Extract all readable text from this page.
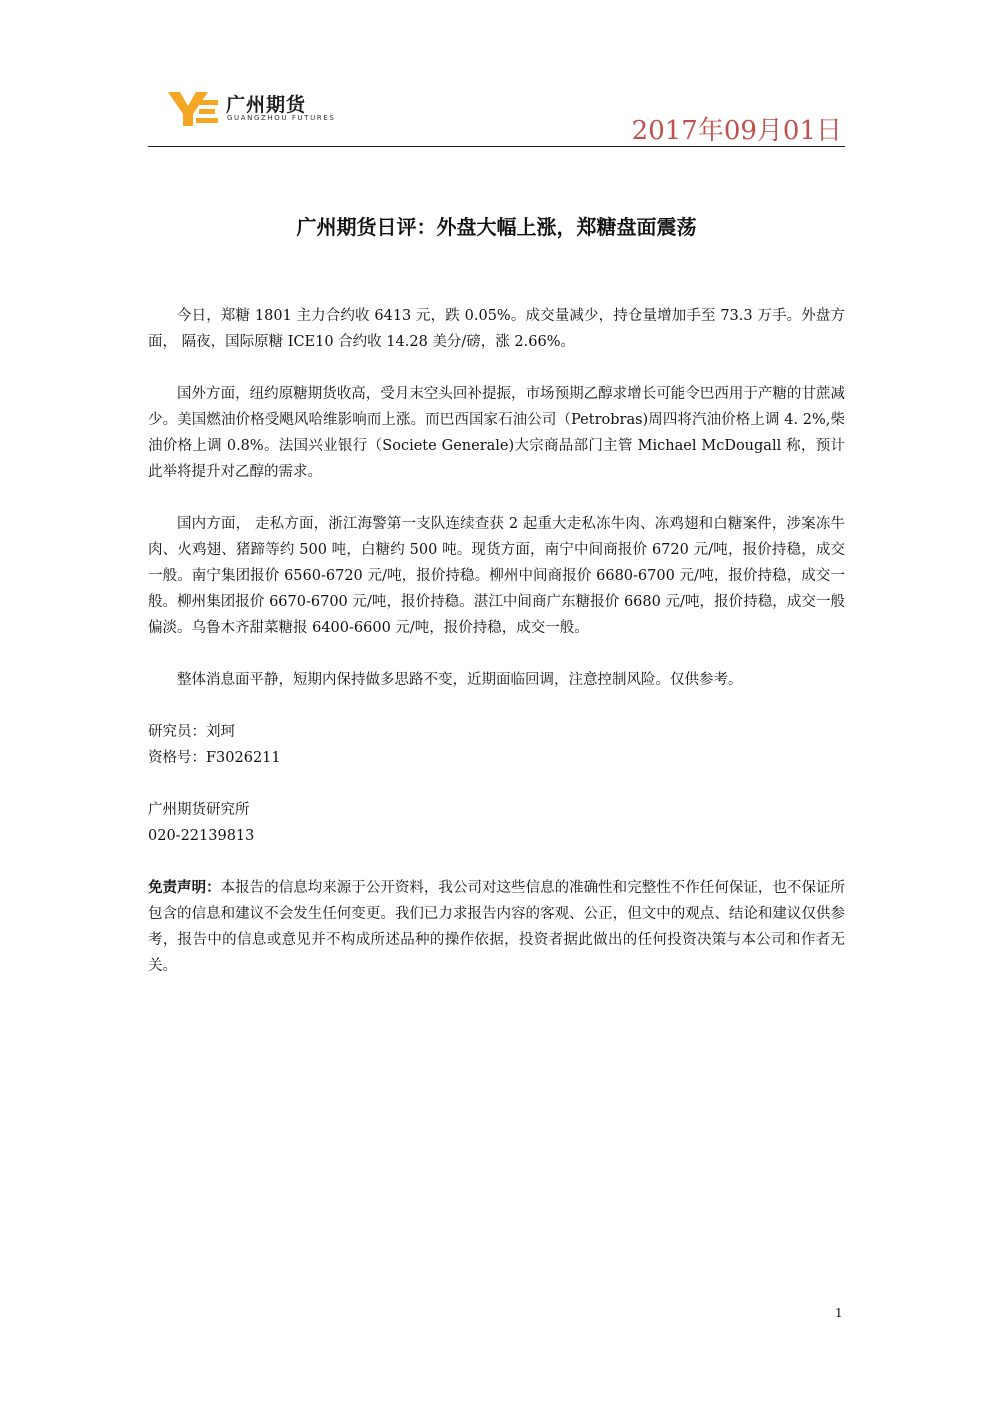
广州期货
GUANGZHOU FUTURES	2017年09月01日
广州期货日评：外盘大幅上涨，郑糖盘面震荡

今日，郑糖 1801 主力合约收 6413 元，跌 0.05%。成交量减少，持仓量增加手至 73.3 万手。外盘方面， 隔夜，国际原糖 ICE10 合约收 14.28 美分/磅，涨 2.66%。

国外方面，纽约原糖期货收高，受月末空头回补提振，市场预期乙醇求增长可能令巴西用于产糖的甘蔗减少。美国燃油价格受飓风哈维影响而上涨。而巴西国家石油公司（Petrobras)周四将汽油价格上调 4. 2%,柴油价格上调 0.8%。法国兴业银行（Societe Generale)大宗商品部门主管 Michael McDougall 称，预计此举将提升对乙醇的需求。

国内方面， 走私方面，浙江海警第一支队连续查获 2 起重大走私冻牛肉、冻鸡翅和白糖案件，涉案冻牛肉、火鸡翅、猪蹄等约 500 吨，白糖约 500 吨。现货方面，南宁中间商报价 6720 元/吨，报价持稳，成交一般。南宁集团报价 6560-6720 元/吨，报价持稳。柳州中间商报价 6680-6700 元/吨，报价持稳，成交一般。柳州集团报价 6670-6700 元/吨，报价持稳。湛江中间商广东糖报价 6680 元/吨，报价持稳，成交一般偏淡。乌鲁木齐甜菜糖报 6400-6600 元/吨，报价持稳，成交一般。

整体消息面平静，短期内保持做多思路不变，近期面临回调，注意控制风险。仅供参考。

研究员：刘珂
资格号：F3026211
广州期货研究所
020-22139813
免责声明：本报告的信息均来源于公开资料，我公司对这些信息的准确性和完整性不作任何保证，也不保证所包含的信息和建议不会发生任何变更。我们已力求报告内容的客观、公正，但文中的观点、结论和建议仅供参考，报告中的信息或意见并不构成所述品种的操作依据，投资者据此做出的任何投资决策与本公司和作者无关。
1
